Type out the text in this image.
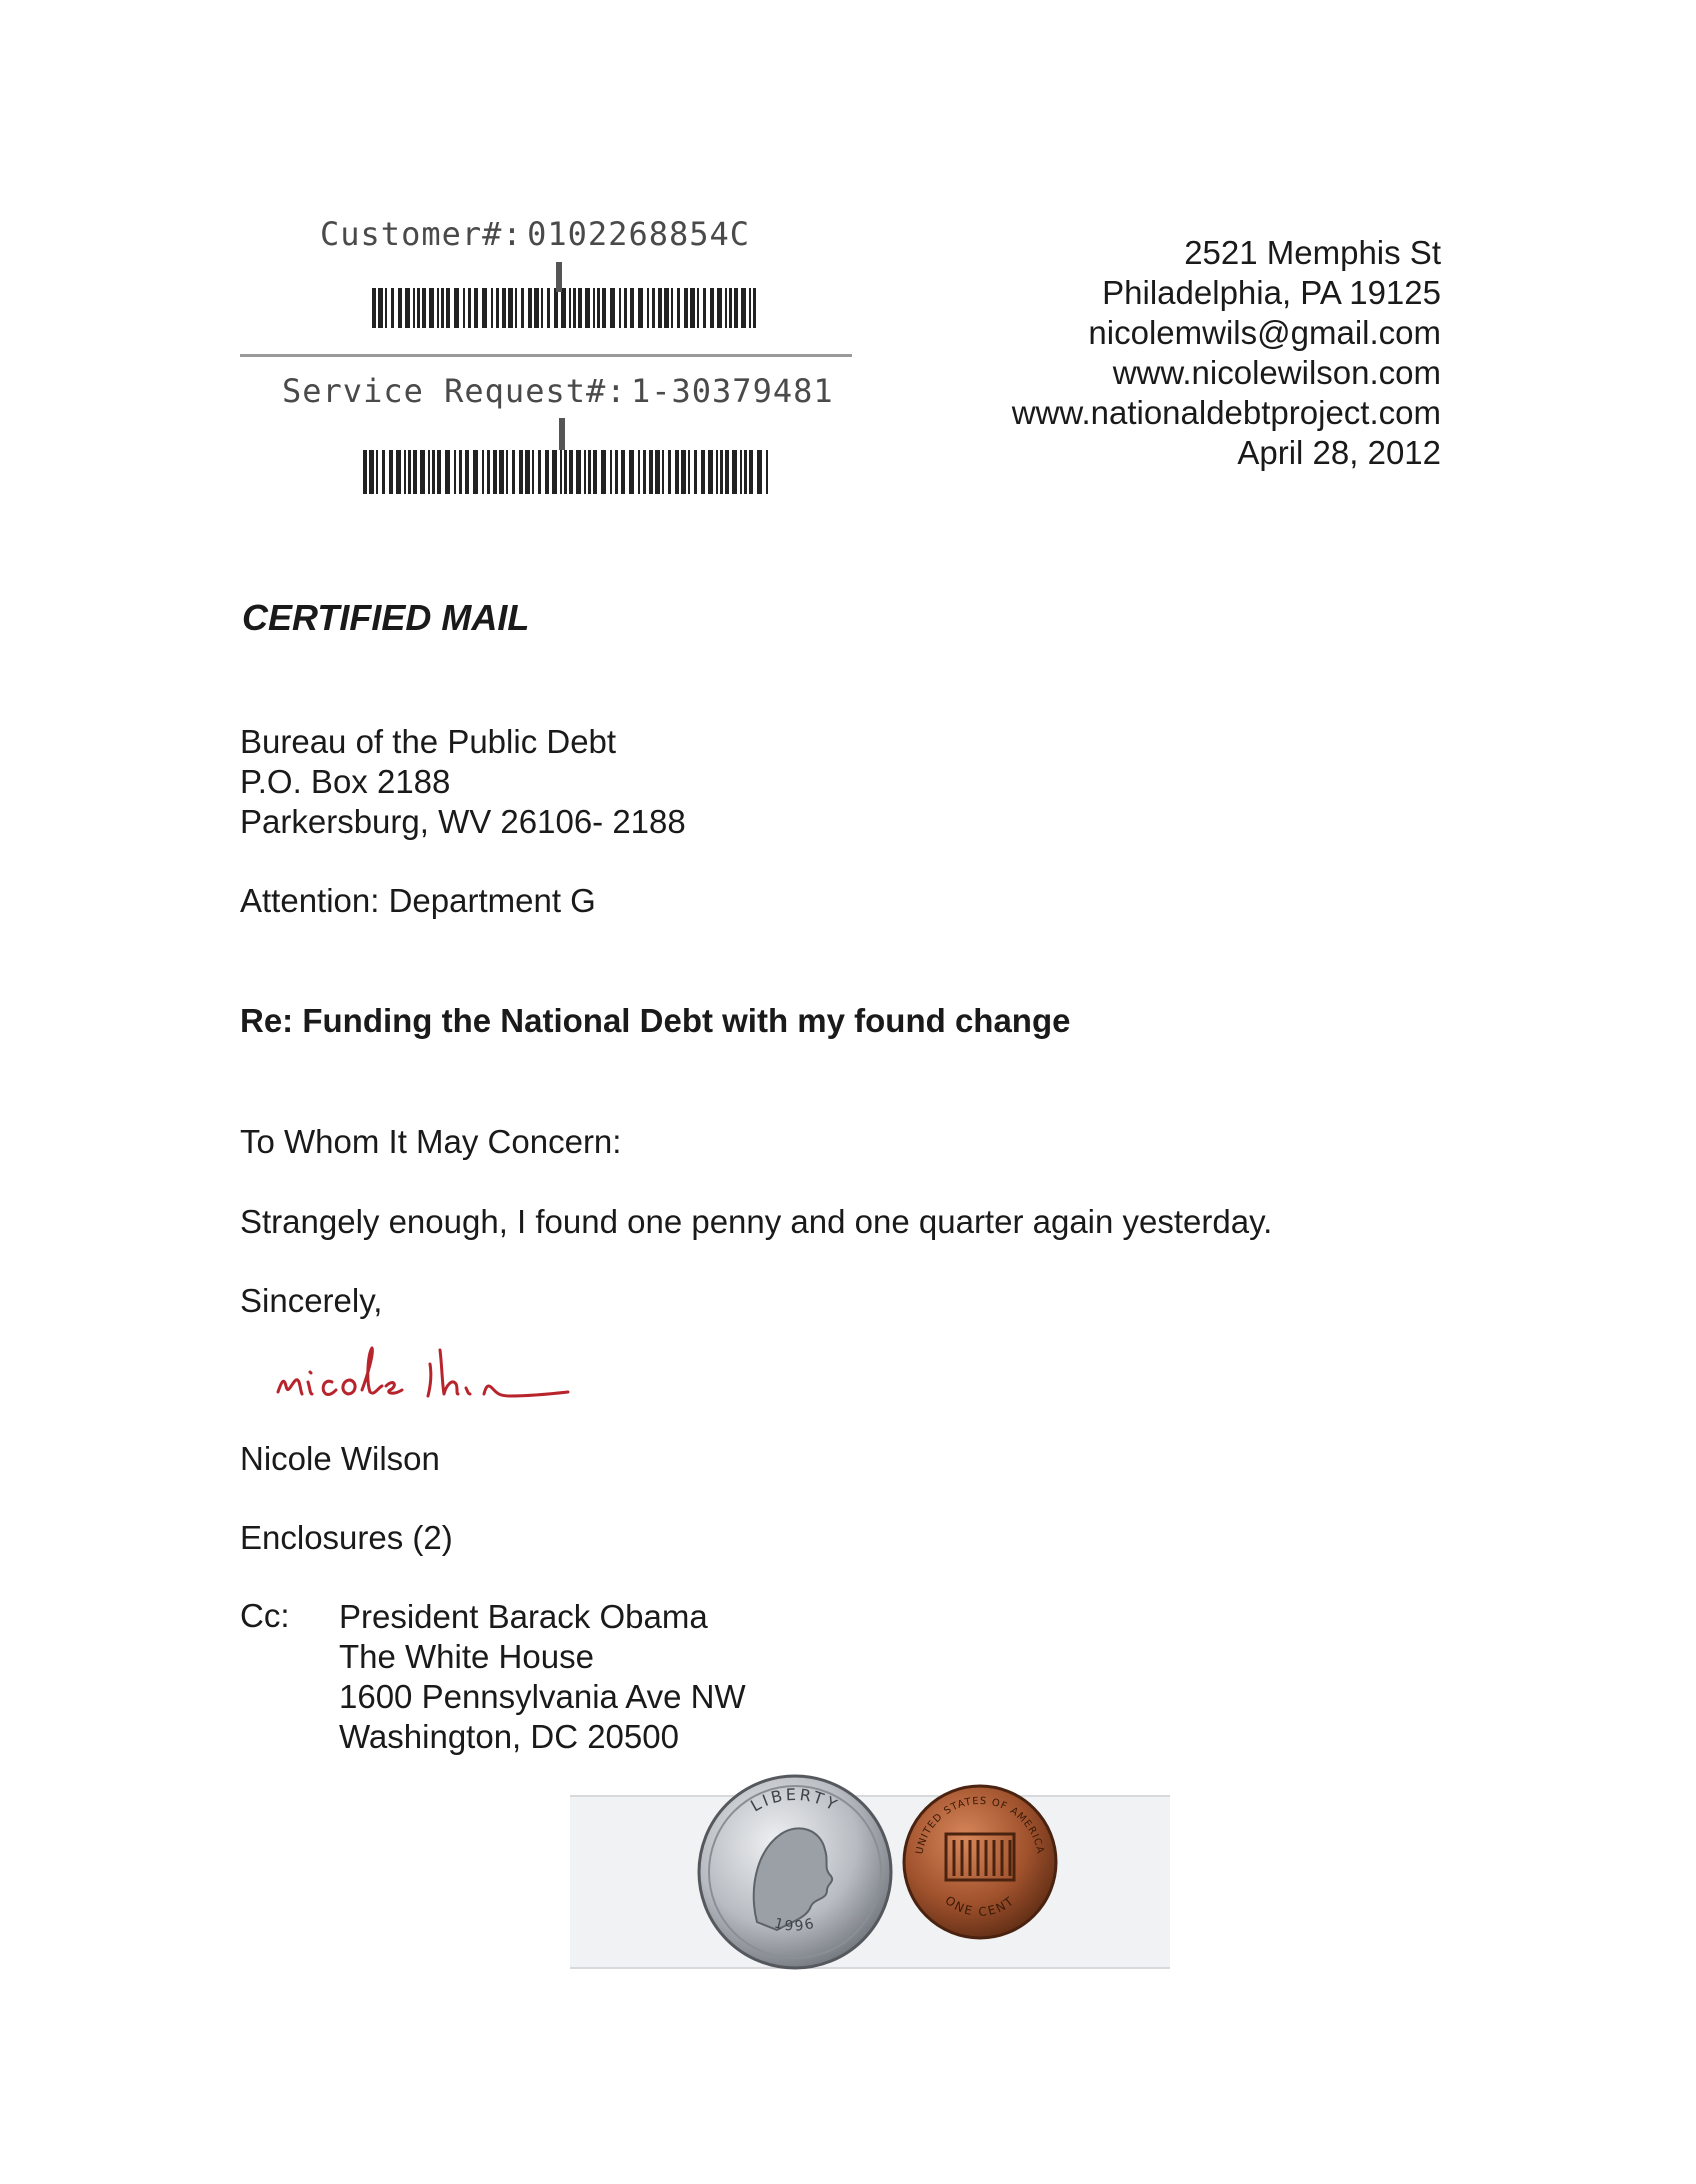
Customer#: 0102268854C
Service Request#: 1-30379481
2521 Memphis St
Philadelphia, PA 19125
nicolemwils@gmail.com
www.nicolewilson.com
www.nationaldebtproject.com
April 28, 2012
CERTIFIED MAIL
Bureau of the Public Debt
P.O. Box 2188
Parkersburg, WV 26106- 2188
Attention: Department G
Re: Funding the National Debt with my found change
To Whom It May Concern:
Strangely enough, I found one penny and one quarter again yesterday.
Sincerely,
Nicole Wilson
Enclosures (2)
Cc: President Barack Obama
The White House
1600 Pennsylvania Ave NW
Washington, DC 20500
LIBERTY
1996
UNITED STATES OF AMERICA
ONE CENT
